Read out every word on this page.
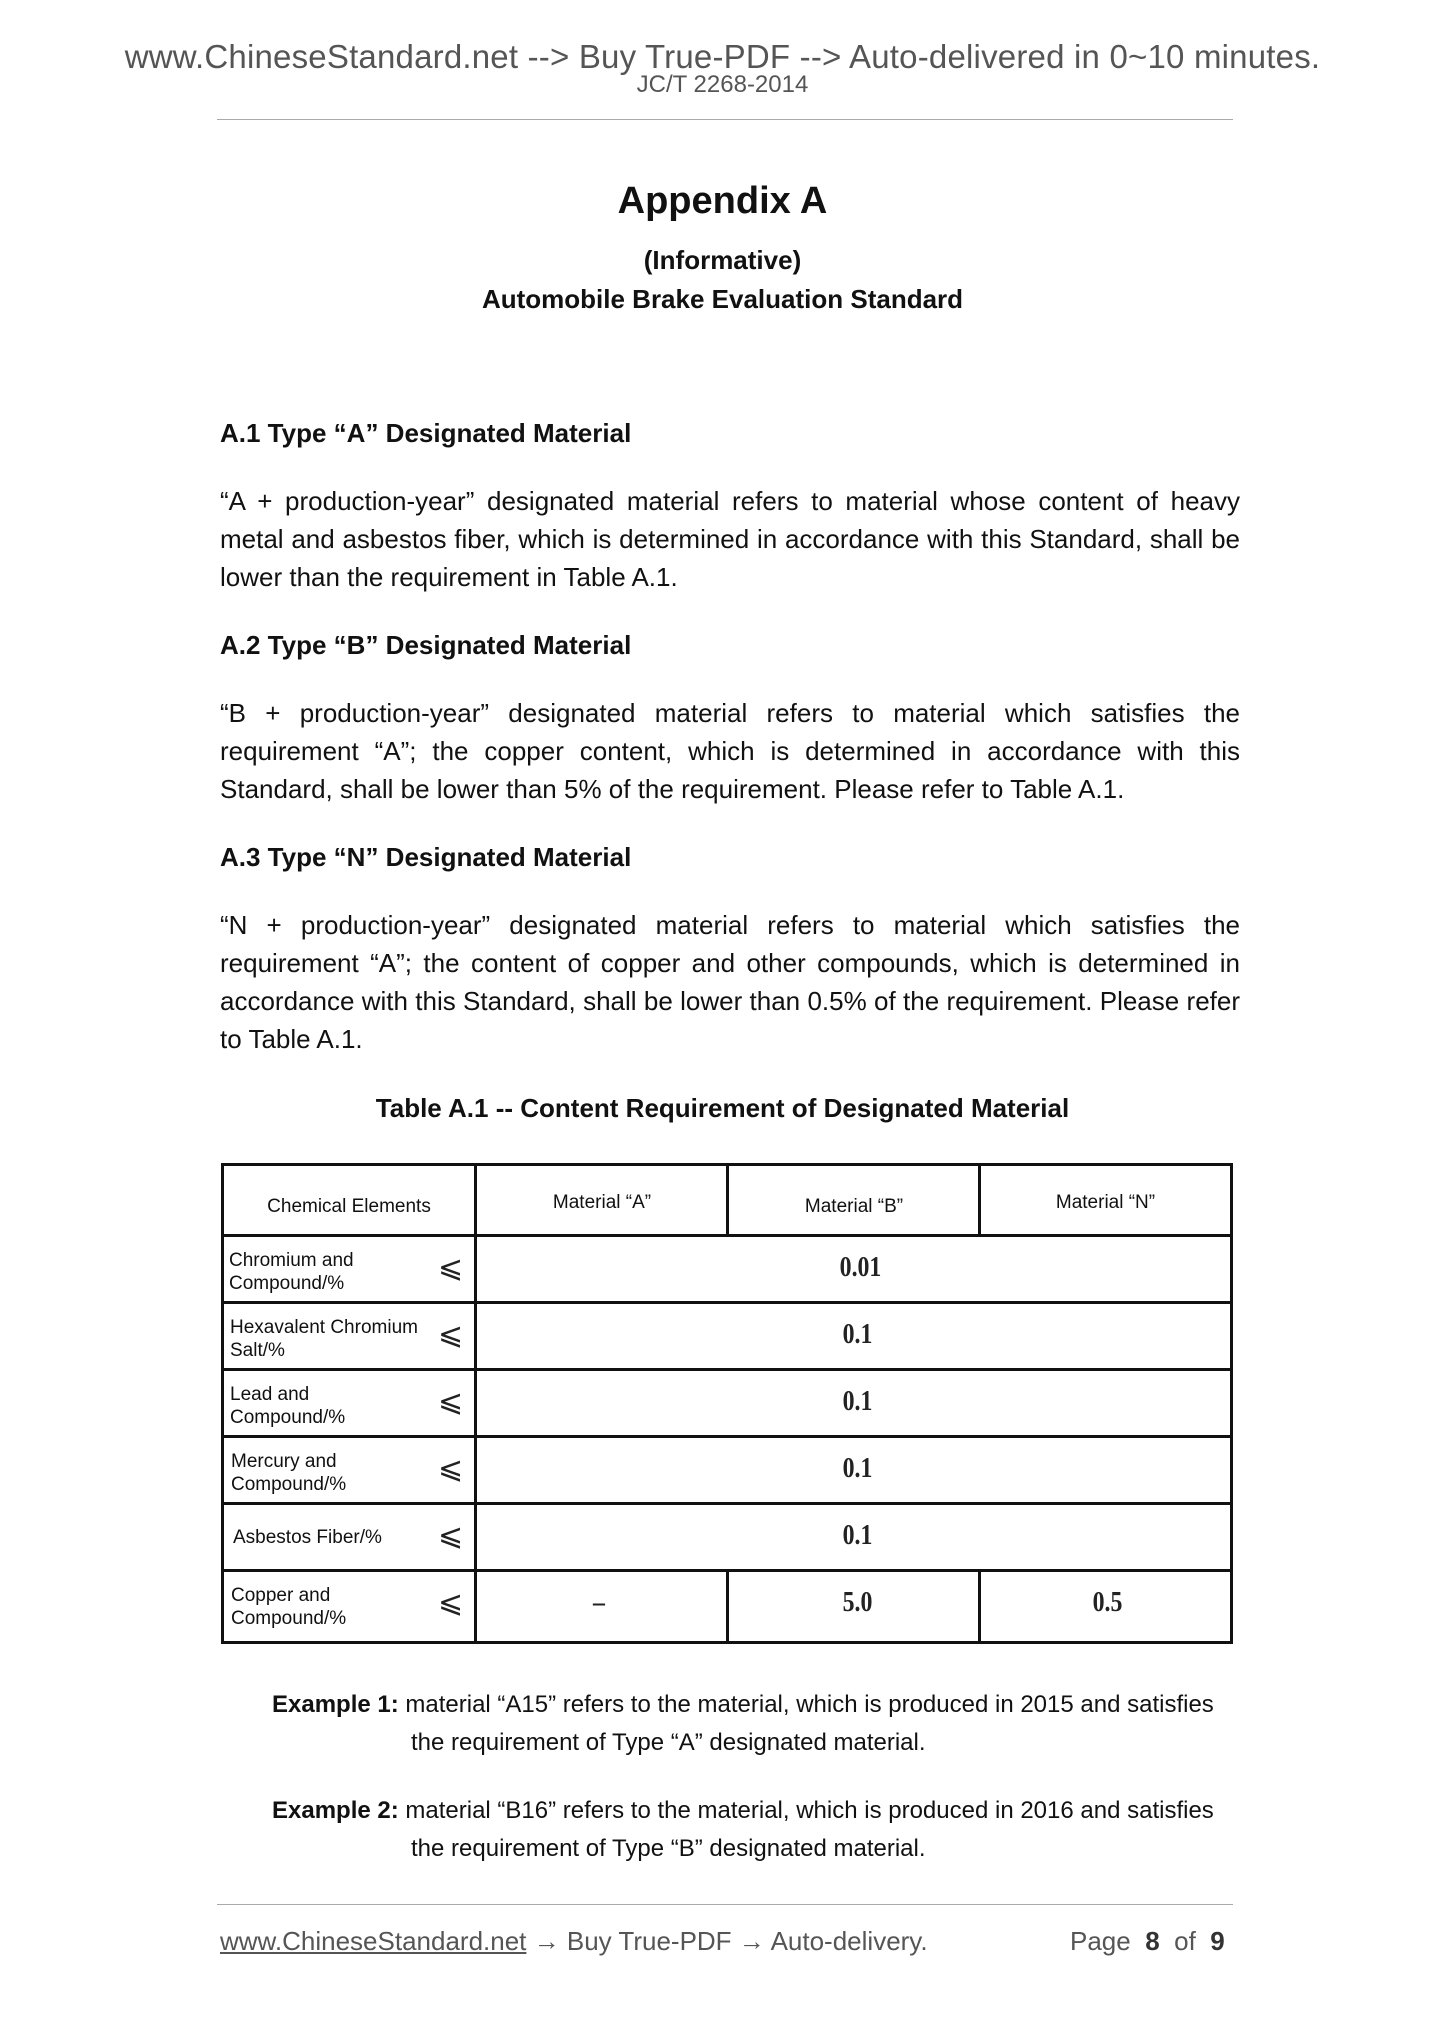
www.ChineseStandard.net --> Buy True-PDF --> Auto-delivered in 0~10 minutes.
JC/T 2268-2014
Appendix A
(Informative)
Automobile Brake Evaluation Standard
A.1 Type “A” Designated Material
“A + production-year” designated material refers to material whose content of heavy metal and asbestos fiber, which is determined in accordance with this Standard, shall be lower than the requirement in Table A.1.
A.2 Type “B” Designated Material
“B + production-year” designated material refers to material which satisfies the requirement “A”; the copper content, which is determined in accordance with this Standard, shall be lower than 5% of the requirement. Please refer to Table A.1.
A.3 Type “N” Designated Material
“N + production-year” designated material refers to material which satisfies the requirement “A”; the content of copper and other compounds, which is determined in accordance with this Standard, shall be lower than 0.5% of the requirement. Please refer to Table A.1.
Table A.1 -- Content Requirement of Designated Material
Chemical Elements	Material “A”	Material “B”	Material “N”
Chromium and
Compound/%	⩽	0.01
Hexavalent Chromium
Salt/%	⩽	0.1
Lead and
Compound/%	⩽	0.1
Mercury and
Compound/%	⩽	0.1
Asbestos Fiber/% ⩽	0.1
Copper and
Compound/%	⩽	–	5.0	0.5
Example 1: material “A15” refers to the material, which is produced in 2015 and satisfies
the requirement of Type “A” designated material.
Example 2: material “B16” refers to the material, which is produced in 2016 and satisfies
the requirement of Type “B” designated material.
www.ChineseStandard.net → Buy True-PDF → Auto-delivery.	Page 8 of 9
